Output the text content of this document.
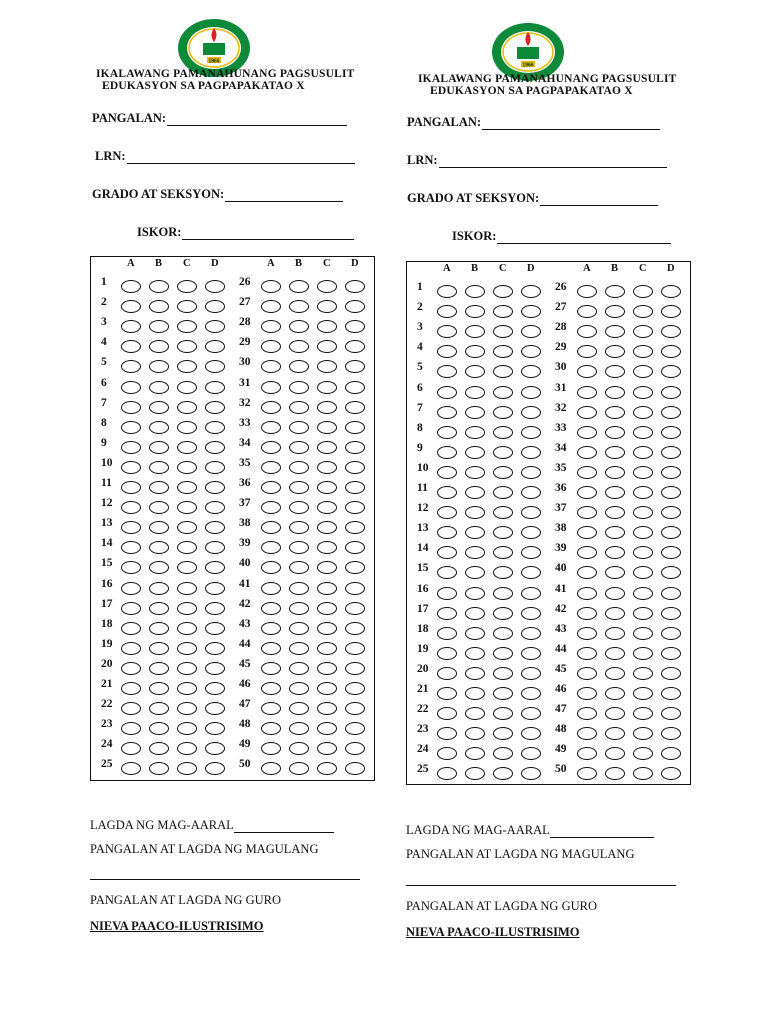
1966
IKALAWANG PAMANAHUNANG PAGSUSULIT
EDUKASYON SA PAGPAPAKATAO X
PANGALAN:
LRN:
GRADO AT SEKSYON:
ISKOR:
A B C D
1
2
3
4
5
6
7
8
9
10
11
12
13
14
15
16
17
18
19
20
21
22
23
24
25
A B C D
26
27
28
29
30
31
32
33
34
35
36
37
38
39
40
41
42
43
44
45
46
47
48
49
50
LAGDA NG MAG-AARAL
PANGALAN AT LAGDA NG MAGULANG
PANGALAN AT LAGDA NG GURO
NIEVA PAACO-ILUSTRISIMO
1966
IKALAWANG PAMANAHUNANG PAGSUSULIT
EDUKASYON SA PAGPAPAKATAO X
PANGALAN:
LRN:
GRADO AT SEKSYON:
ISKOR:
A B C D
1
2
3
4
5
6
7
8
9
10
11
12
13
14
15
16
17
18
19
20
21
22
23
24
25
A B C D
26
27
28
29
30
31
32
33
34
35
36
37
38
39
40
41
42
43
44
45
46
47
48
49
50
LAGDA NG MAG-AARAL
PANGALAN AT LAGDA NG MAGULANG
PANGALAN AT LAGDA NG GURO
NIEVA PAACO-ILUSTRISIMO
